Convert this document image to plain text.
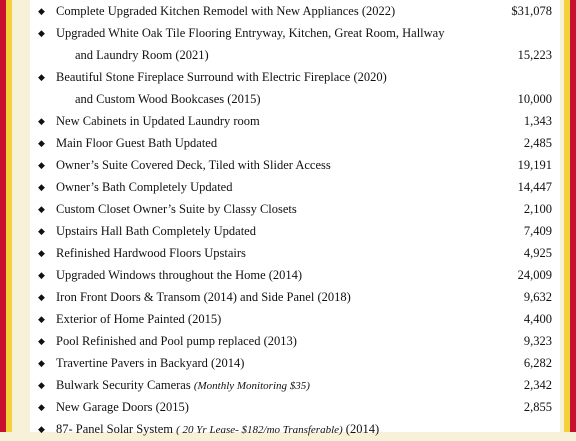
◆ Complete Upgraded Kitchen Remodel with New Appliances (2022)	$31,078
◆ Upgraded White Oak Tile Flooring Entryway, Kitchen, Great Room, Hallway
and Laundry Room (2021)	15,223
◆ Beautiful Stone Fireplace Surround with Electric Fireplace (2020)
and Custom Wood Bookcases (2015)	10,000
◆ New Cabinets in Updated Laundry room	1,343
◆ Main Floor Guest Bath Updated	2,485
◆ Owner’s Suite Covered Deck, Tiled with Slider Access	19,191
◆ Owner’s Bath Completely Updated	14,447
◆ Custom Closet Owner’s Suite by Classy Closets	2,100
◆ Upstairs Hall Bath Completely Updated	7,409
◆ Refinished Hardwood Floors Upstairs	4,925
◆ Upgraded Windows throughout the Home (2014)	24,009
◆ Iron Front Doors & Transom (2014) and Side Panel (2018)	9,632
◆ Exterior of Home Painted (2015)	4,400
◆ Pool Refinished and Pool pump replaced (2013)	9,323
◆ Travertine Pavers in Backyard (2014)	6,282
◆ Bulwark Security Cameras (Monthly Monitoring $35)	2,342
◆ New Garage Doors (2015)	2,855
◆ 87- Panel Solar System ( 20 Yr Lease- $182/mo Transferable) (2014)
